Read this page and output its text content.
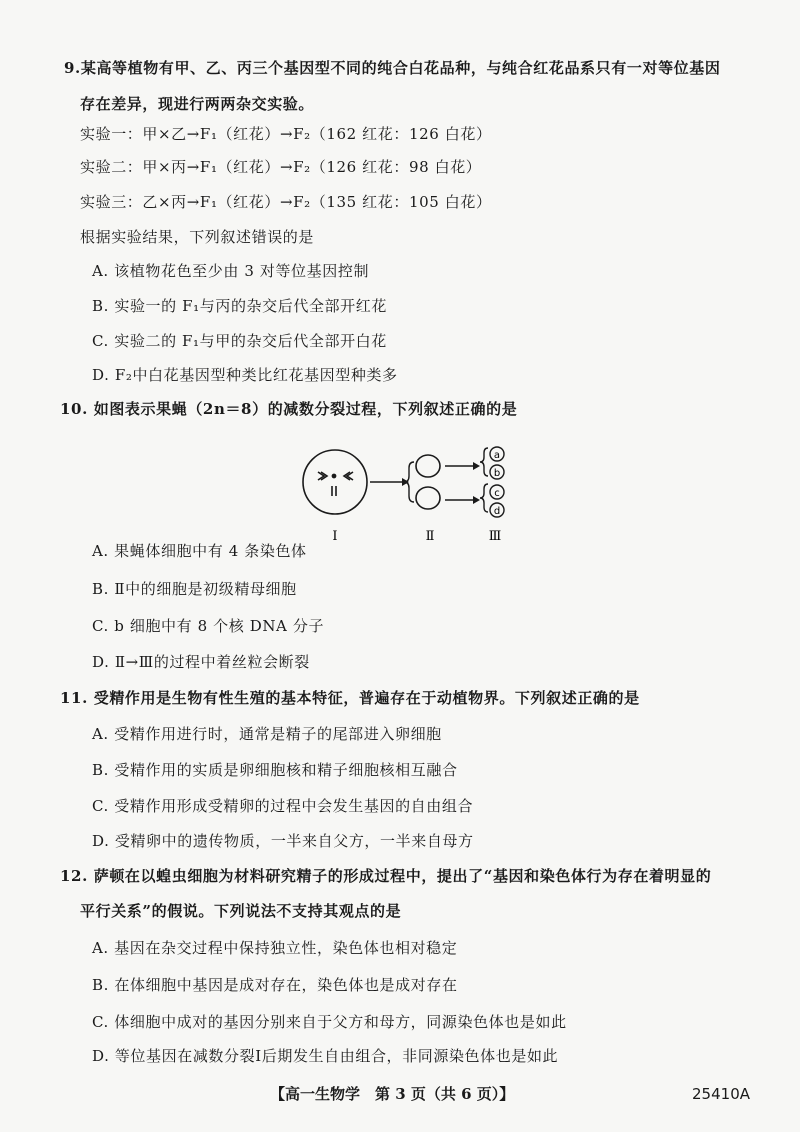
9.某高等植物有甲、乙、丙三个基因型不同的纯合白花品种，与纯合红花品系只有一对等位基因
存在差异，现进行两两杂交实验。
实验一：甲×乙→F₁（红花）→F₂（162 红花：126 白花）
实验二：甲×丙→F₁（红花）→F₂（126 红花：98 白花）
实验三：乙×丙→F₁（红花）→F₂（135 红花：105 白花）
根据实验结果，下列叙述错误的是
A. 该植物花色至少由 3 对等位基因控制
B. 实验一的 F₁与丙的杂交后代全部开红花
C. 实验二的 F₁与甲的杂交后代全部开白花
D. F₂中白花基因型种类比红花基因型种类多
10. 如图表示果蝇（2n＝8）的减数分裂过程，下列叙述正确的是
a
b
c
d
Ⅰ	Ⅱ	Ⅲ
A. 果蝇体细胞中有 4 条染色体
B. Ⅱ中的细胞是初级精母细胞
C. b 细胞中有 8 个核 DNA 分子
D. Ⅱ→Ⅲ的过程中着丝粒会断裂
11. 受精作用是生物有性生殖的基本特征，普遍存在于动植物界。下列叙述正确的是
A. 受精作用进行时，通常是精子的尾部进入卵细胞
B. 受精作用的实质是卵细胞核和精子细胞核相互融合
C. 受精作用形成受精卵的过程中会发生基因的自由组合
D. 受精卵中的遗传物质，一半来自父方，一半来自母方
12. 萨顿在以蝗虫细胞为材料研究精子的形成过程中，提出了“基因和染色体行为存在着明显的
平行关系”的假说。下列说法不支持其观点的是
A. 基因在杂交过程中保持独立性，染色体也相对稳定
B. 在体细胞中基因是成对存在，染色体也是成对存在
C. 体细胞中成对的基因分别来自于父方和母方，同源染色体也是如此
D. 等位基因在减数分裂Ⅰ后期发生自由组合，非同源染色体也是如此
【高一生物学　第 3 页（共 6 页）】	25410A
